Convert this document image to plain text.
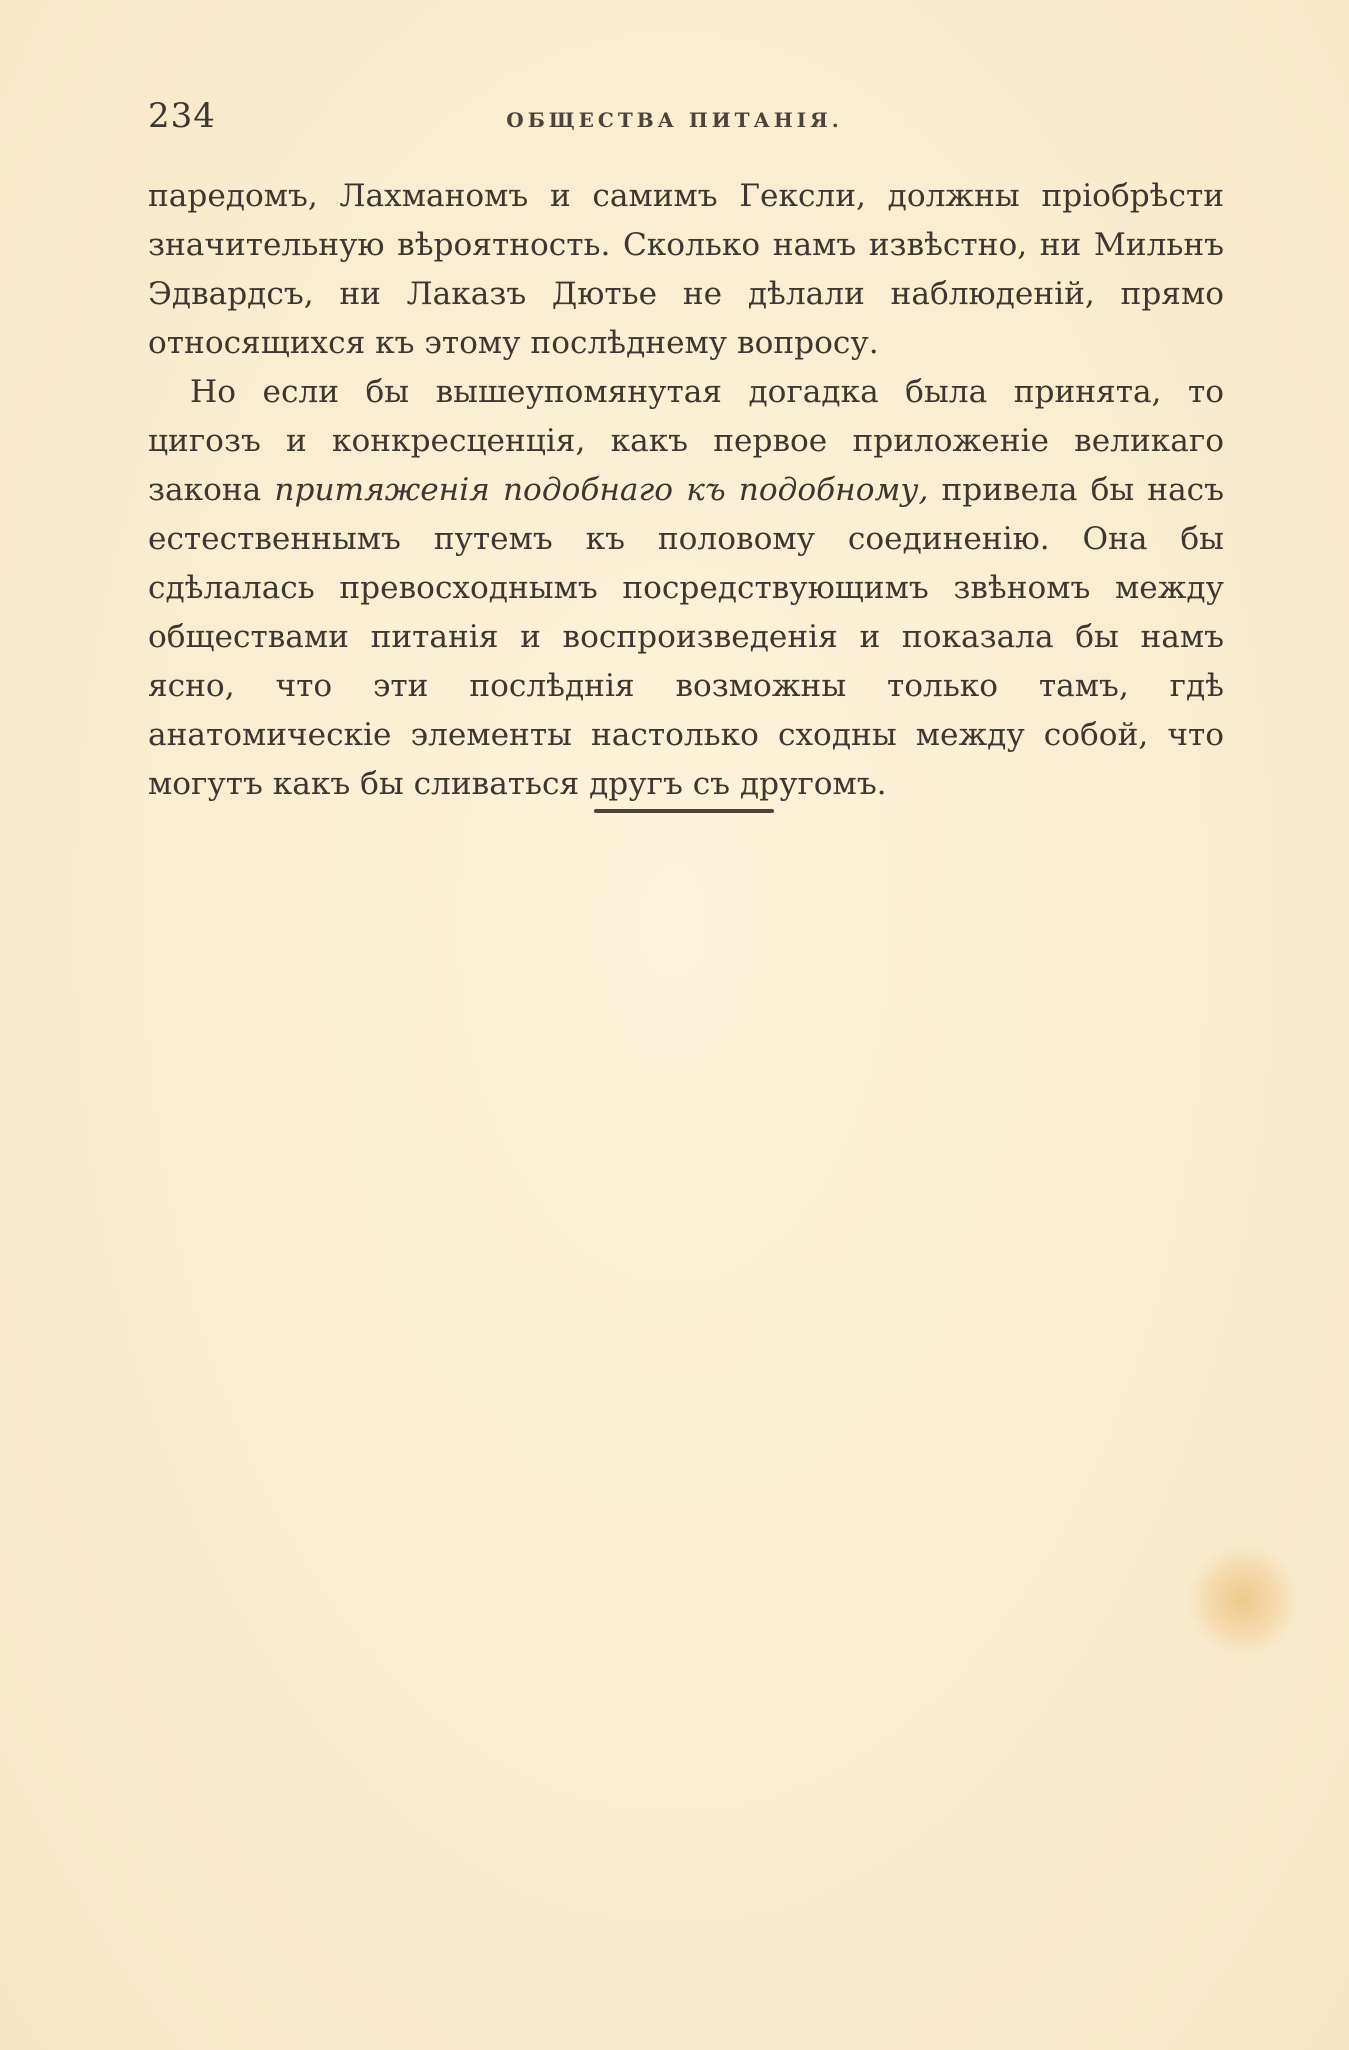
234	ОБЩЕСТВА ПИТАНІЯ.

паредомъ, Лахманомъ и самимъ Гексли, должны пріобрѣсти значительную вѣроятность. Сколько намъ извѣстно, ни Мильнъ Эдвардсъ, ни Лаказъ Дютье не дѣлали наблюденій, прямо относящихся къ этому послѣднему вопросу.

Но если бы вышеупомянутая догадка была принята, то цигозъ и конкресценція, какъ первое приложеніе великаго закона притяженія подобнаго къ подобному, привела бы насъ естественнымъ путемъ къ половому соединенію. Она бы сдѣлалась превосходнымъ посредствующимъ звѣномъ между обществами питанія и воспроизведенія и показала бы намъ ясно, что эти послѣднія возможны только тамъ, гдѣ анатомическіе элементы настолько сходны между собой, что могутъ какъ бы сливаться другъ съ другомъ.
